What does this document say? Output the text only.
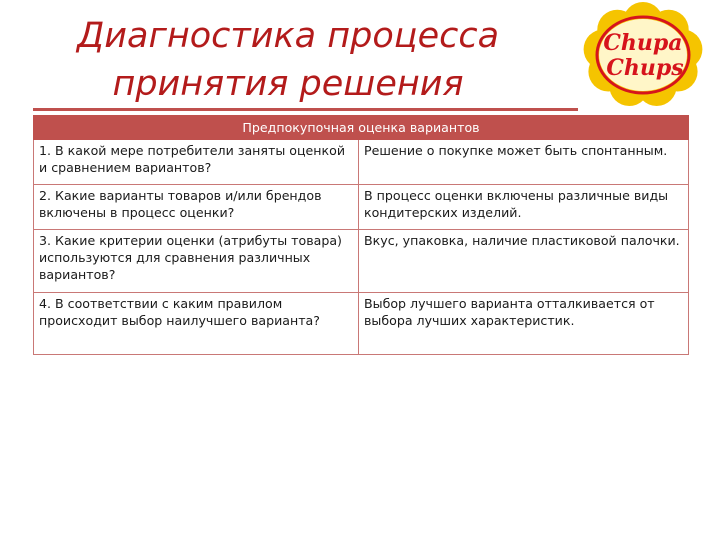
Диагностика процесса
принятия решения
Chupa
Chups
Предпокупочная оценка вариантов	
1. В какой мере потребители заняты оценкой и сравнением вариантов?	Решение о покупке может быть спонтанным.
2. Какие варианты товаров и/или брендов включены в процесс оценки?	В процесс оценки включены различные виды кондитерских изделий.
3. Какие критерии оценки (атрибуты товара) используются для сравнения различных вариантов?	Вкус, упаковка, наличие пластиковой палочки.
4. В соответствии с каким правилом происходит выбор наилучшего варианта?	Выбор лучшего варианта отталкивается от выбора лучших характеристик.
